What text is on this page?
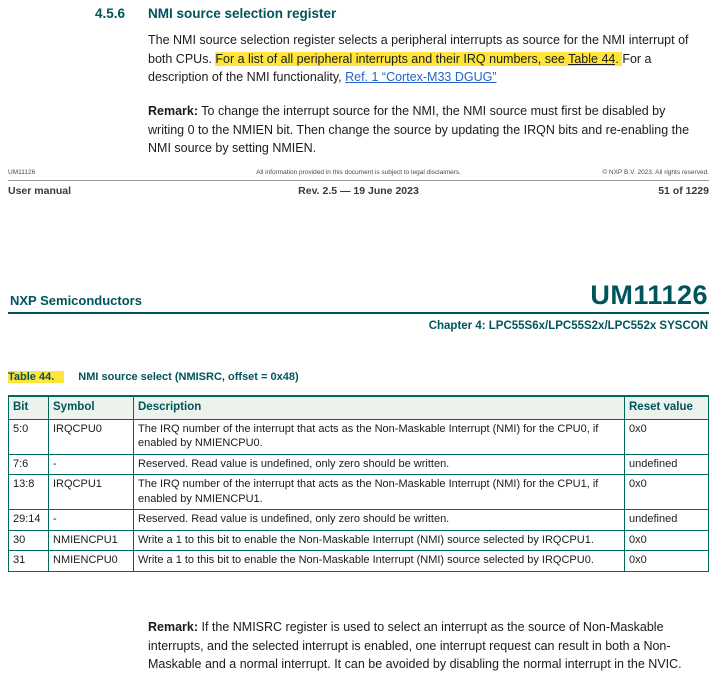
4.5.6 NMI source selection register

The NMI source selection register selects a peripheral interrupts as source for the NMI interrupt of both CPUs. For a list of all peripheral interrupts and their IRQ numbers, see Table 44. For a description of the NMI functionality, Ref. 1 “Cortex-M33 DGUG”

Remark: To change the interrupt source for the NMI, the NMI source must first be disabled by writing 0 to the NMIEN bit. Then change the source by updating the IRQN bits and re-enabling the NMI source by setting NMIEN.

UM11126	All information provided in this document is subject to legal disclaimers.	© NXP B.V. 2023. All rights reserved.
User manual	Rev. 2.5 — 19 June 2023	51 of 1229
NXP Semiconductors	UM11126
Chapter 4: LPC55S6x/LPC55S2x/LPC552x SYSCON
Table 44. NMI source select (NMISRC, offset = 0x48)
Bit	Symbol	Description	Reset value
5:0	IRQCPU0	The IRQ number of the interrupt that acts as the Non-Maskable Interrupt (NMI) for the CPU0, if enabled by NMIENCPU0.	0x0
7:6	-	Reserved. Read value is undefined, only zero should be written.	undefined
13:8	IRQCPU1	The IRQ number of the interrupt that acts as the Non-Maskable Interrupt (NMI) for the CPU1, if enabled by NMIENCPU1.	0x0
29:14	-	Reserved. Read value is undefined, only zero should be written.	undefined
30	NMIENCPU1	Write a 1 to this bit to enable the Non-Maskable Interrupt (NMI) source selected by IRQCPU1.	0x0
31	NMIENCPU0	Write a 1 to this bit to enable the Non-Maskable Interrupt (NMI) source selected by IRQCPU0.	0x0

Remark: If the NMISRC register is used to select an interrupt as the source of Non-Maskable interrupts, and the selected interrupt is enabled, one interrupt request can result in both a Non-Maskable and a normal interrupt. It can be avoided by disabling the normal interrupt in the NVIC.
